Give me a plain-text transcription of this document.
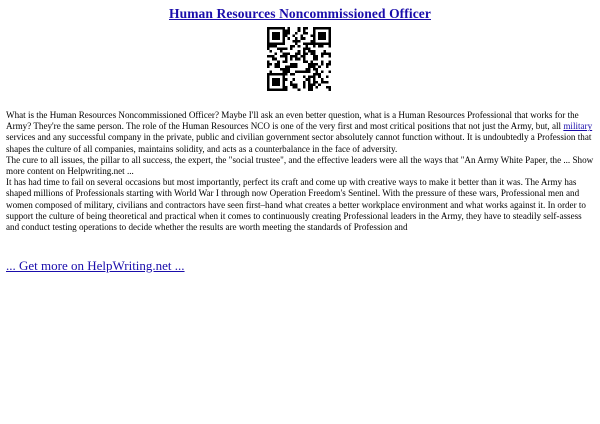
Human Resources Noncommissioned Officer

What is the Human Resources Noncommissioned Officer? Maybe I'll ask an even better question, what is a Human Resources Professional that works for the Army? They're the same person. The role of the Human Resources NCO is one of the very first and most critical positions that not just the Army, but, all military services and any successful company in the private, public and civilian government sector absolutely cannot function without. It is undoubtedly a Profession that shapes the culture of all companies, maintains solidity, and acts as a counterbalance in the face of adversity.

The cure to all issues, the pillar to all success, the expert, the "social trustee", and the effective leaders were all the ways that "An Army White Paper, the ... Show more content on Helpwriting.net ...

It has had time to fail on several occasions but most importantly, perfect its craft and come up with creative ways to make it better than it was. The Army has shaped millions of Professionals starting with World War I through now Operation Freedom's Sentinel. With the pressure of these wars, Professional men and women composed of military, civilians and contractors have seen first–hand what creates a better workplace environment and what works against it. In order to support the culture of being theoretical and practical when it comes to continuously creating Professional leaders in the Army, they have to steadily self-assess and conduct testing operations to decide whether the results are worth meeting the standards of Profession and

... Get more on HelpWriting.net ...
